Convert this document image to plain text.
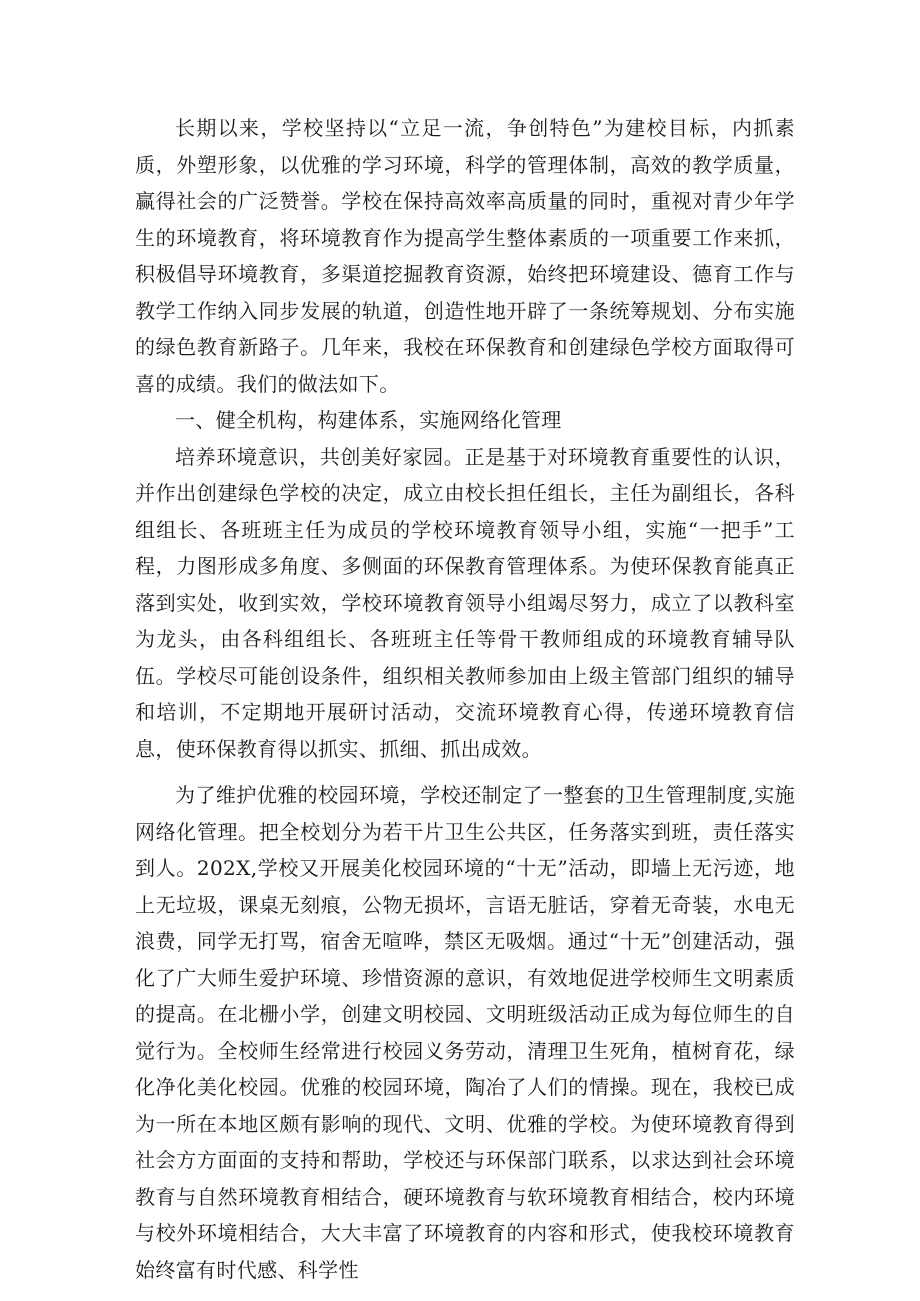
长期以来，学校坚持以“立足一流，争创特色”为建校目标，内抓素质，外塑形象，以优雅的学习环境，科学的管理体制，高效的教学质量，赢得社会的广泛赞誉。学校在保持高效率高质量的同时，重视对青少年学生的环境教育，将环境教育作为提高学生整体素质的一项重要工作来抓，积极倡导环境教育，多渠道挖掘教育资源，始终把环境建设、德育工作与教学工作纳入同步发展的轨道，创造性地开辟了一条统筹规划、分布实施的绿色教育新路子。几年来，我校在环保教育和创建绿色学校方面取得可喜的成绩。我们的做法如下。

一、健全机构，构建体系，实施网络化管理

培养环境意识，共创美好家园。正是基于对环境教育重要性的认识，并作出创建绿色学校的决定，成立由校长担任组长，主任为副组长，各科组组长、各班班主任为成员的学校环境教育领导小组，实施“一把手”工程，力图形成多角度、多侧面的环保教育管理体系。为使环保教育能真正落到实处，收到实效，学校环境教育领导小组竭尽努力，成立了以教科室为龙头，由各科组组长、各班班主任等骨干教师组成的环境教育辅导队伍。学校尽可能创设条件，组织相关教师参加由上级主管部门组织的辅导和培训，不定期地开展研讨活动，交流环境教育心得，传递环境教育信息，使环保教育得以抓实、抓细、抓出成效。

为了维护优雅的校园环境，学校还制定了一整套的卫生管理制度,实施网络化管理。把全校划分为若干片卫生公共区，任务落实到班，责任落实到人。202X,学校又开展美化校园环境的“十无”活动，即墙上无污迹，地上无垃圾，课桌无刻痕，公物无损坏，言语无脏话，穿着无奇装，水电无浪费，同学无打骂，宿舍无喧哗，禁区无吸烟。通过“十无”创建活动，强化了广大师生爱护环境、珍惜资源的意识，有效地促进学校师生文明素质的提高。在北栅小学，创建文明校园、文明班级活动正成为每位师生的自觉行为。全校师生经常进行校园义务劳动，清理卫生死角，植树育花，绿化净化美化校园。优雅的校园环境，陶冶了人们的情操。现在，我校已成为一所在本地区颇有影响的现代、文明、优雅的学校。为使环境教育得到社会方方面面的支持和帮助，学校还与环保部门联系，以求达到社会环境教育与自然环境教育相结合，硬环境教育与软环境教育相结合，校内环境与校外环境相结合，大大丰富了环境教育的内容和形式，使我校环境教育始终富有时代感、科学性
